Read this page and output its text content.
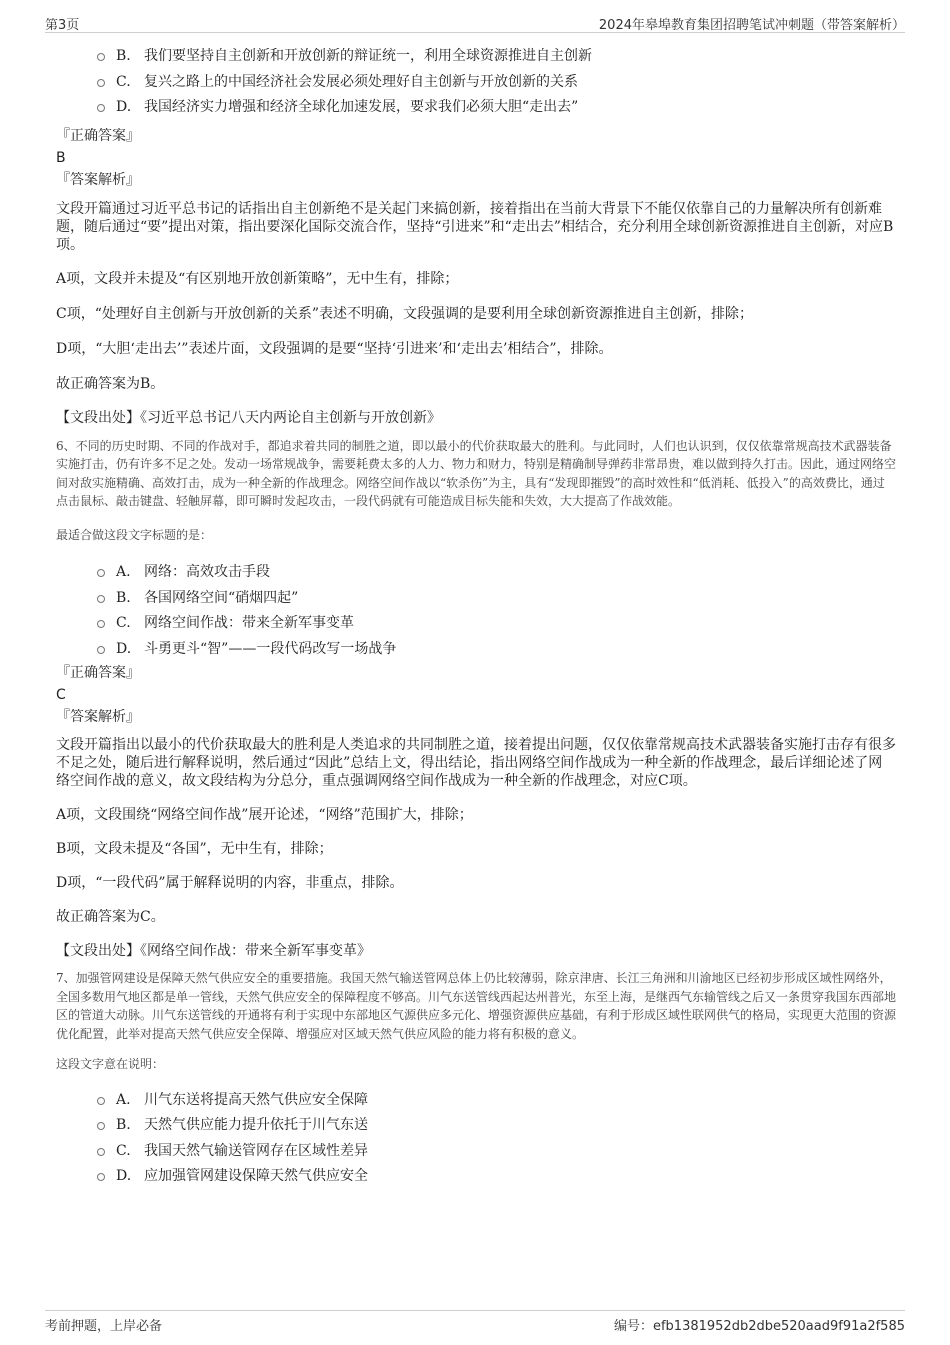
第3页	2024年皋埠教育集团招聘笔试冲刺题（带答案解析）
B. 我们要坚持自主创新和开放创新的辩证统一，利用全球资源推进自主创新
C. 复兴之路上的中国经济社会发展必须处理好自主创新与开放创新的关系
D. 我国经济实力增强和经济全球化加速发展，要求我们必须大胆“走出去”
『正确答案』
B
『答案解析』

文段开篇通过习近平总书记的话指出自主创新绝不是关起门来搞创新，接着指出在当前大背景下不能仅依靠自己的力量解决所有创新难题，随后通过“要”提出对策，指出要深化国际交流合作，坚持“引进来”和“走出去”相结合，充分利用全球创新资源推进自主创新，对应B项。

A项，文段并未提及“有区别地开放创新策略”，无中生有，排除；

C项，“处理好自主创新与开放创新的关系”表述不明确，文段强调的是要利用全球创新资源推进自主创新，排除；

D项，“大胆‘走出去’”表述片面，文段强调的是要“坚持‘引进来’和‘走出去’相结合”，排除。

故正确答案为B。

【文段出处】《习近平总书记八天内两论自主创新与开放创新》

6、不同的历史时期、不同的作战对手，都追求着共同的制胜之道，即以最小的代价获取最大的胜利。与此同时，人们也认识到，仅仅依靠常规高技术武器装备实施打击，仍有许多不足之处。发动一场常规战争，需要耗费太多的人力、物力和财力，特别是精确制导弹药非常昂贵，难以做到持久打击。因此，通过网络空间对敌实施精确、高效打击，成为一种全新的作战理念。网络空间作战以“软杀伤”为主，具有“发现即摧毁”的高时效性和“低消耗、低投入”的高效费比，通过点击鼠标、敲击键盘、轻触屏幕，即可瞬时发起攻击，一段代码就有可能造成目标失能和失效，大大提高了作战效能。

最适合做这段文字标题的是：

A. 网络：高效攻击手段
B. 各国网络空间“硝烟四起”
C. 网络空间作战：带来全新军事变革
D. 斗勇更斗“智”——一段代码改写一场战争
『正确答案』
C
『答案解析』

文段开篇指出以最小的代价获取最大的胜利是人类追求的共同制胜之道，接着提出问题，仅仅依靠常规高技术武器装备实施打击存有很多不足之处，随后进行解释说明，然后通过“因此”总结上文，得出结论，指出网络空间作战成为一种全新的作战理念，最后详细论述了网络空间作战的意义，故文段结构为分总分，重点强调网络空间作战成为一种全新的作战理念，对应C项。

A项，文段围绕“网络空间作战”展开论述，“网络”范围扩大，排除；

B项，文段未提及“各国”，无中生有，排除；

D项，“一段代码”属于解释说明的内容，非重点，排除。

故正确答案为C。

【文段出处】《网络空间作战：带来全新军事变革》

7、加强管网建设是保障天然气供应安全的重要措施。我国天然气输送管网总体上仍比较薄弱，除京津唐、长江三角洲和川渝地区已经初步形成区域性网络外，全国多数用气地区都是单一管线，天然气供应安全的保障程度不够高。川气东送管线西起达州普光，东至上海，是继西气东输管线之后又一条贯穿我国东西部地区的管道大动脉。川气东送管线的开通将有利于实现中东部地区气源供应多元化、增强资源供应基础，有利于形成区域性联网供气的格局，实现更大范围的资源优化配置，此举对提高天然气供应安全保障、增强应对区域天然气供应风险的能力将有积极的意义。

这段文字意在说明：

A. 川气东送将提高天然气供应安全保障
B. 天然气供应能力提升依托于川气东送
C. 我国天然气输送管网存在区域性差异
D. 应加强管网建设保障天然气供应安全
考前押题，上岸必备	编号：efb1381952db2dbe520aad9f91a2f585
